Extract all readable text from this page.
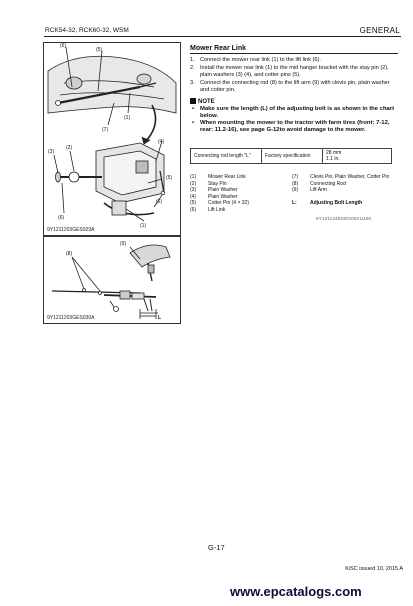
RCK54-32, RCK60-32, WSM	GENERAL
(6)
(5)
(1)
(7)
(3)
(2)
(4)
(5)
(6)
(1)
(6)
9Y1211203GES029A
(8)
(9)
L
9Y1211203GES030A
Mower Rear Link
1. Connect the mower rear link (1) to the lift link (6).
2. Install the mower rear link (1) to the mid hanger bracket with the stay pin (2), plain washers (3) (4), and cotter pins (5).
3. Connect the connecting rod (8) to the lift arm (9) with clevis pin, plain washer and cotter pin.
NOTE
• Make sure the length (L) of the adjusting bolt is as shown in the chart below.
• When mounting the mower to the tractor with farm tires (front: 7-12, rear: 11.2-16), see page G-12to avoid damage to the mower.
Connecting rod length "L"	Factory specification	28 mm
1.1 in.
(1) Mower Rear Link
(2) Stay Pin
(3) Plain Washer
(4) Plain Washer
(5) Cotter Pin (4 × 32)
(6) Lift Link
(7) Clevis Pin, Plain Washer, Cotter Pin
(8) Connecting Rod
(9) Lift Arm
L:	Adjusting Bolt Length
9Y1211345GEG0021US0
G-17
KiSC issued 10, 2015 A
www.epcatalogs.com
